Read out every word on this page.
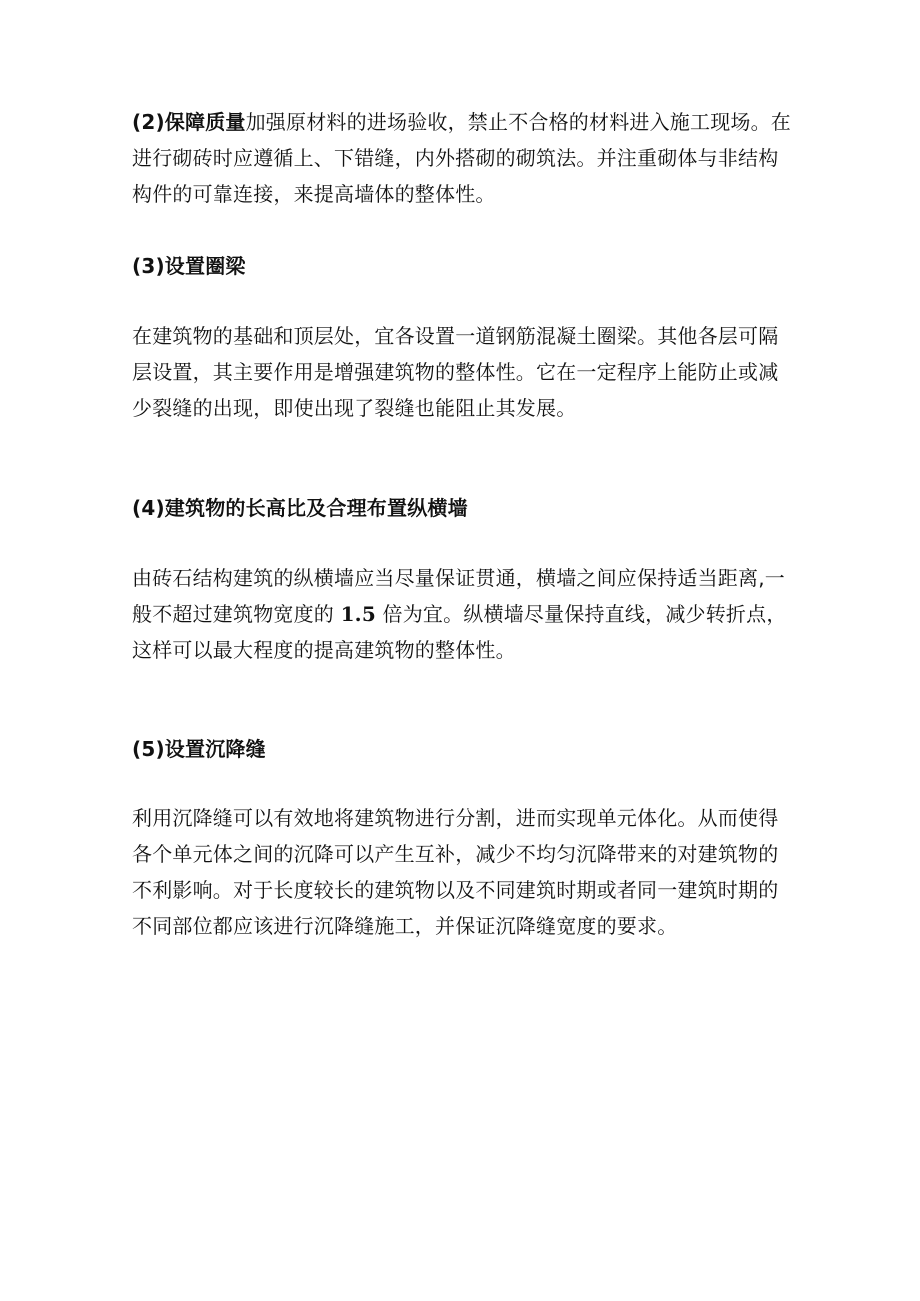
(2)保障质量加强原材料的进场验收，禁止不合格的材料进入施工现场。在进行砌砖时应遵循上、下错缝，内外搭砌的砌筑法。并注重砌体与非结构构件的可靠连接，来提高墙体的整体性。

(3)设置圈梁

在建筑物的基础和顶层处，宜各设置一道钢筋混凝土圈梁。其他各层可隔层设置，其主要作用是增强建筑物的整体性。它在一定程序上能防止或减少裂缝的出现，即使出现了裂缝也能阻止其发展。

(4)建筑物的长高比及合理布置纵横墙

由砖石结构建筑的纵横墙应当尽量保证贯通，横墙之间应保持适当距离,一般不超过建筑物宽度的 1.5 倍为宜。纵横墙尽量保持直线，减少转折点，这样可以最大程度的提高建筑物的整体性。

(5)设置沉降缝

利用沉降缝可以有效地将建筑物进行分割，进而实现单元体化。从而使得各个单元体之间的沉降可以产生互补，减少不均匀沉降带来的对建筑物的不利影响。对于长度较长的建筑物以及不同建筑时期或者同一建筑时期的不同部位都应该进行沉降缝施工，并保证沉降缝宽度的要求。
